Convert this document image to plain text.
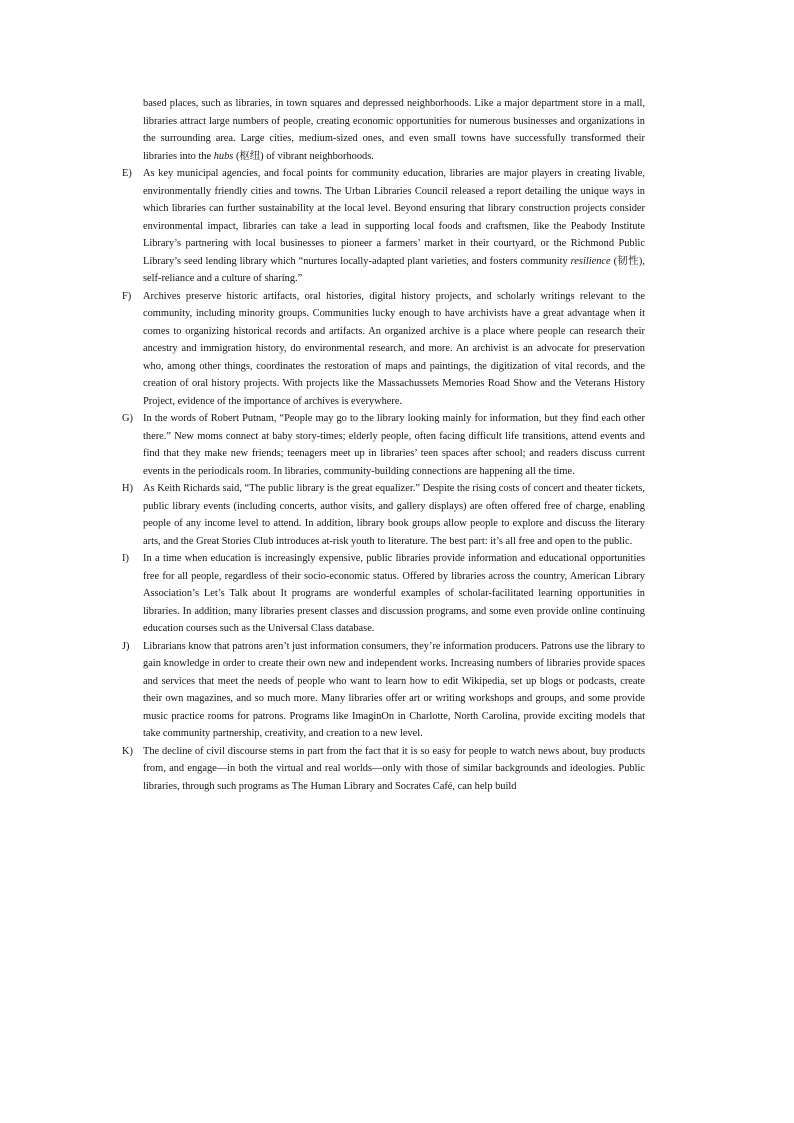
based places, such as libraries, in town squares and depressed neighborhoods. Like a major department store in a mall, libraries attract large numbers of people, creating economic opportunities for numerous businesses and organizations in the surrounding area. Large cities, medium-sized ones, and even small towns have successfully transformed their libraries into the hubs (枢纽) of vibrant neighborhoods.

E)	As key municipal agencies, and focal points for community education, libraries are major players in creating livable, environmentally friendly cities and towns. The Urban Libraries Council released a report detailing the unique ways in which libraries can further sustainability at the local level. Beyond ensuring that library construction projects consider environmental impact, libraries can take a lead in supporting local foods and craftsmen, like the Peabody Institute Library’s partnering with local businesses to pioneer a farmers’ market in their courtyard, or the Richmond Public Library’s seed lending library which “nurtures locally-adapted plant varieties, and fosters community resilience (韧性), self-reliance and a culture of sharing.”

F)	Archives preserve historic artifacts, oral histories, digital history projects, and scholarly writings relevant to the community, including minority groups. Communities lucky enough to have archivists have a great advantage when it comes to organizing historical records and artifacts. An organized archive is a place where people can research their ancestry and immigration history, do environmental research, and more. An archivist is an advocate for preservation who, among other things, coordinates the restoration of maps and paintings, the digitization of vital records, and the creation of oral history projects. With projects like the Massachussets Memories Road Show and the Veterans History Project, evidence of the importance of archives is everywhere.

G) In the words of Robert Putnam, “People may go to the library looking mainly for information, but they find each other there.” New moms connect at baby story-times; elderly people, often facing difficult life transitions, attend events and find that they make new friends; teenagers meet up in libraries’ teen spaces after school; and readers discuss current events in the periodicals room. In libraries, community-building connections are happening all the time.

H) As Keith Richards said, “The public library is the great equalizer.” Despite the rising costs of concert and theater tickets, public library events (including concerts, author visits, and gallery displays) are often offered free of charge, enabling people of any income level to attend. In addition, library book groups allow people to explore and discuss the literary arts, and the Great Stories Club introduces at-risk youth to literature. The best part: it’s all free and open to the public.

I)	In a time when education is increasingly expensive, public libraries provide information and educational opportunities free for all people, regardless of their socio-economic status. Offered by libraries across the country, American Library Association’s Let’s Talk about It programs are wonderful examples of scholar-facilitated learning opportunities in libraries. In addition, many libraries present classes and discussion programs, and some even provide online continuing education courses such as the Universal Class database.

J)	Librarians know that patrons aren’t just information consumers, they’re information producers. Patrons use the library to gain knowledge in order to create their own new and independent works. Increasing numbers of libraries provide spaces and services that meet the needs of people who want to learn how to edit Wikipedia, set up blogs or podcasts, create their own magazines, and so much more. Many libraries offer art or writing workshops and groups, and some provide music practice rooms for patrons. Programs like ImaginOn in Charlotte, North Carolina, provide exciting models that take community partnership, creativity, and creation to a new level.

K) The decline of civil discourse stems in part from the fact that it is so easy for people to watch news about, buy products from, and engage—in both the virtual and real worlds—only with those of similar backgrounds and ideologies. Public libraries, through such programs as The Human Library and Socrates Café, can help build
